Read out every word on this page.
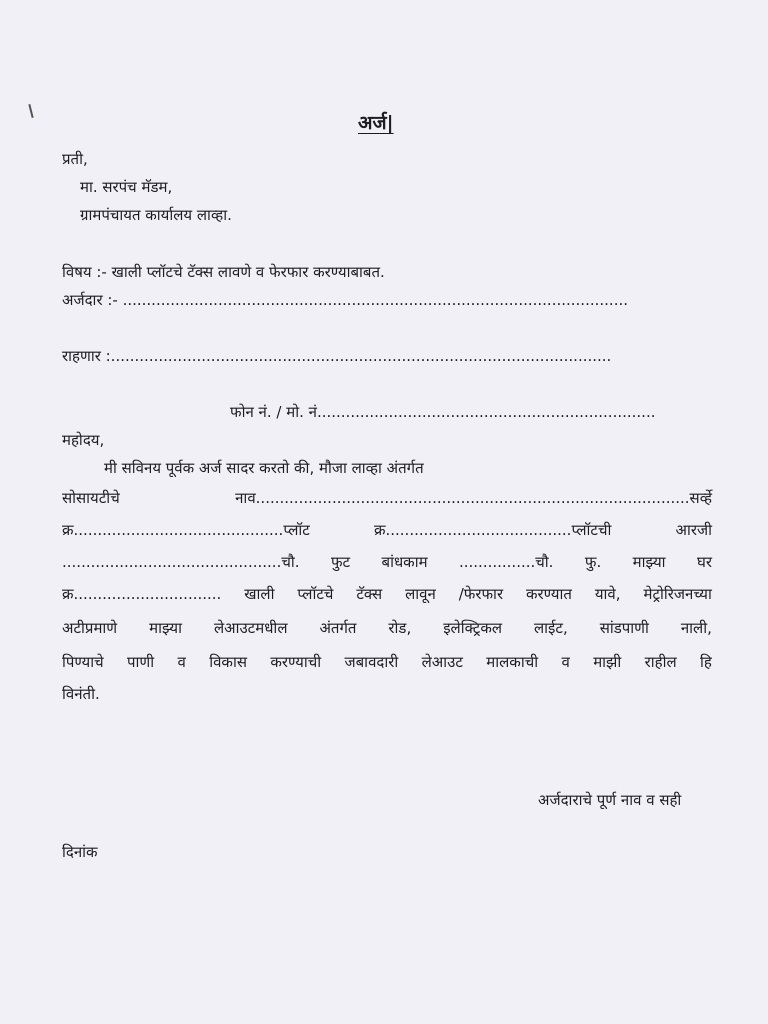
अर्ज|
प्रती,
मा. सरपंच मॅडम,
ग्रामपंचायत कार्यालय लाव्हा.
विषय :- खाली प्लॉटचे टॅक्स लावणे व फेरफार करण्याबाबत.
अर्जदार :- ..........................................................................................................
राहणार :.........................................................................................................
फोन नं. / मो. नं.......................................................................
महोदय,
मी सविनय पूर्वक अर्ज सादर करतो की, मौजा लाव्हा अंतर्गत
सोसायटीचे	नाव...........................................................................................सर्व्हे
क्र............................................प्लॉट	क्र.......................................प्लॉटची	आरजी
..............................................चौ. फुट बांधकाम ................चौ. फु. माझ्या घर
क्र............................... खाली प्लॉटचे टॅक्स लावून /फेरफार करण्यात यावे, मेट्रोरिजनच्या
अटीप्रमाणे माझ्या लेआउटमधील अंतर्गत रोड, इलेक्ट्रिकल लाईट, सांडपाणी नाली,
पिण्याचे पाणी व विकास करण्याची जबावदारी लेआउट मालकाची व माझी राहील हि
विनंती.
अर्जदाराचे पूर्ण नाव व सही
दिनांक
